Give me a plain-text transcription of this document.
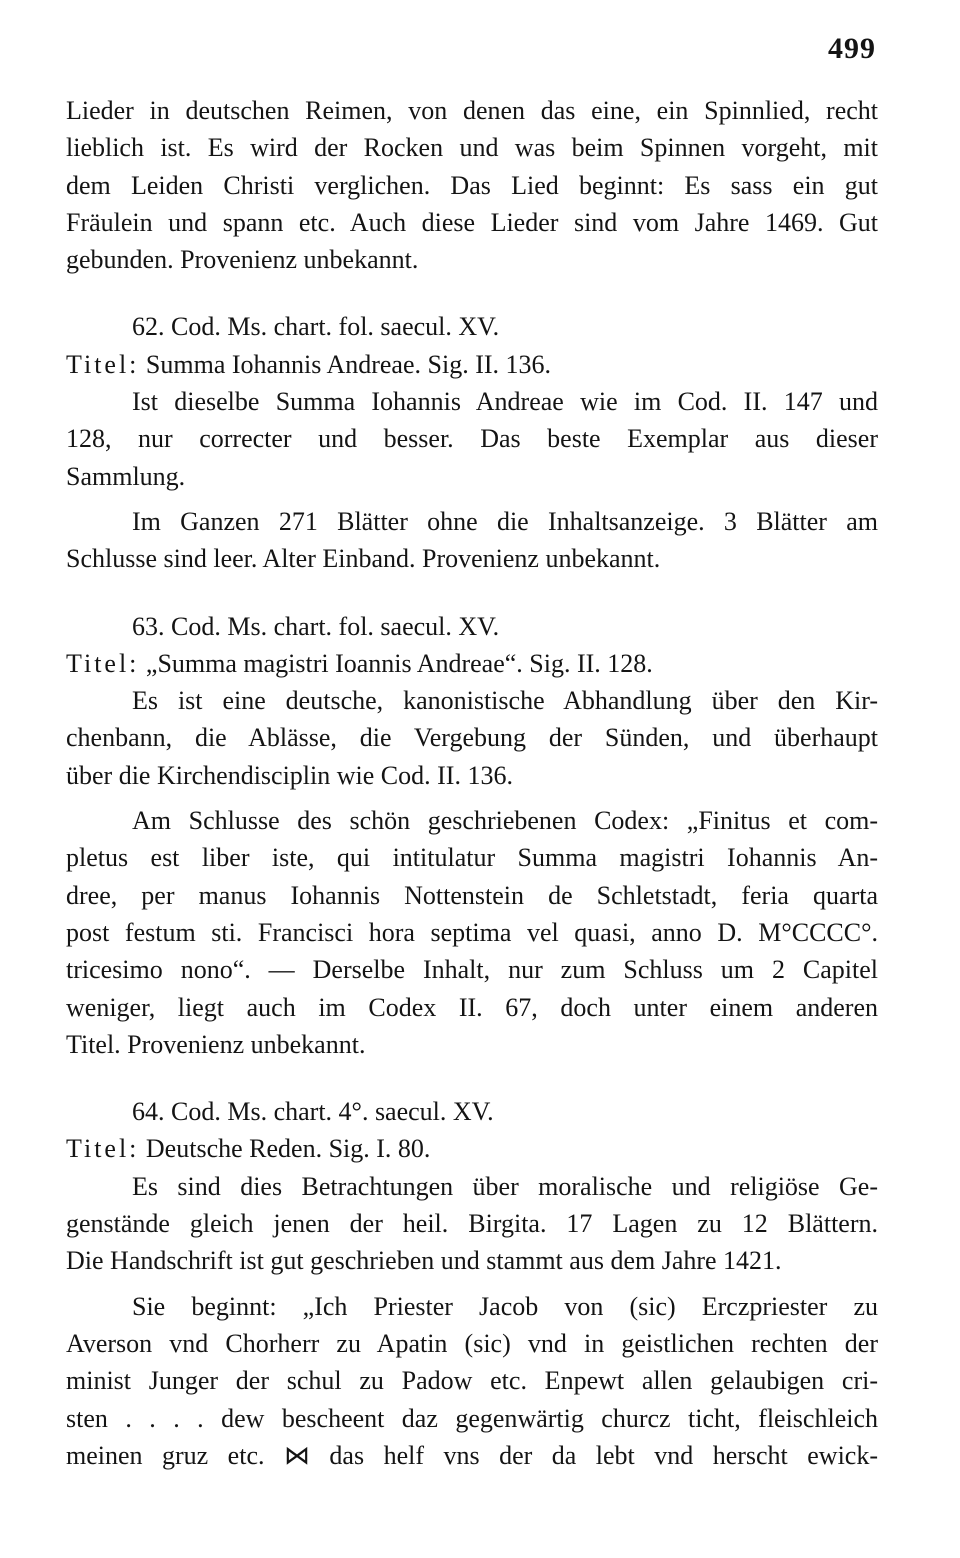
499
Lieder in deutschen Reimen, von denen das eine, ein Spinnlied, recht
lieblich ist. Es wird der Rocken und was beim Spinnen vorgeht, mit
dem Leiden Christi verglichen. Das Lied beginnt: Es sass ein gut
Fräulein und spann etc. Auch diese Lieder sind vom Jahre 1469. Gut
gebunden. Provenienz unbekannt.
62. Cod. Ms. chart. fol. saecul. XV.
Titel: Summa Iohannis Andreae. Sig. II. 136.
Ist dieselbe Summa Iohannis Andreae wie im Cod. II. 147 und
128, nur correcter und besser. Das beste Exemplar aus dieser
Sammlung.
Im Ganzen 271 Blätter ohne die Inhaltsanzeige. 3 Blätter am
Schlusse sind leer. Alter Einband. Provenienz unbekannt.
63. Cod. Ms. chart. fol. saecul. XV.
Titel: „Summa magistri Ioannis Andreae“. Sig. II. 128.
Es ist eine deutsche, kanonistische Abhandlung über den Kir-
chenbann, die Ablässe, die Vergebung der Sünden, und überhaupt
über die Kirchendisciplin wie Cod. II. 136.
Am Schlusse des schön geschriebenen Codex: „Finitus et com-
pletus est liber iste, qui intitulatur Summa magistri Iohannis An-
dree, per manus Iohannis Nottenstein de Schletstadt, feria quarta
post festum sti. Francisci hora septima vel quasi, anno D. M°CCCC°.
tricesimo nono“. — Derselbe Inhalt, nur zum Schluss um 2 Capitel
weniger, liegt auch im Codex II. 67, doch unter einem anderen
Titel. Provenienz unbekannt.
64. Cod. Ms. chart. 4°. saecul. XV.
Titel: Deutsche Reden. Sig. I. 80.
Es sind dies Betrachtungen über moralische und religiöse Ge-
genstände gleich jenen der heil. Birgita. 17 Lagen zu 12 Blättern.
Die Handschrift ist gut geschrieben und stammt aus dem Jahre 1421.
Sie beginnt: „Ich Priester Jacob von (sic) Erczpriester zu
Averson vnd Chorherr zu Apatin (sic) vnd in geistlichen rechten der
minist Junger der schul zu Padow etc. Enpewt allen gelaubigen cri-
sten . . . . dew bescheent daz gegenwärtig churcz ticht, fleischleich
meinen gruz etc. ⋈ das helf vns der da lebt vnd herscht ewick-
